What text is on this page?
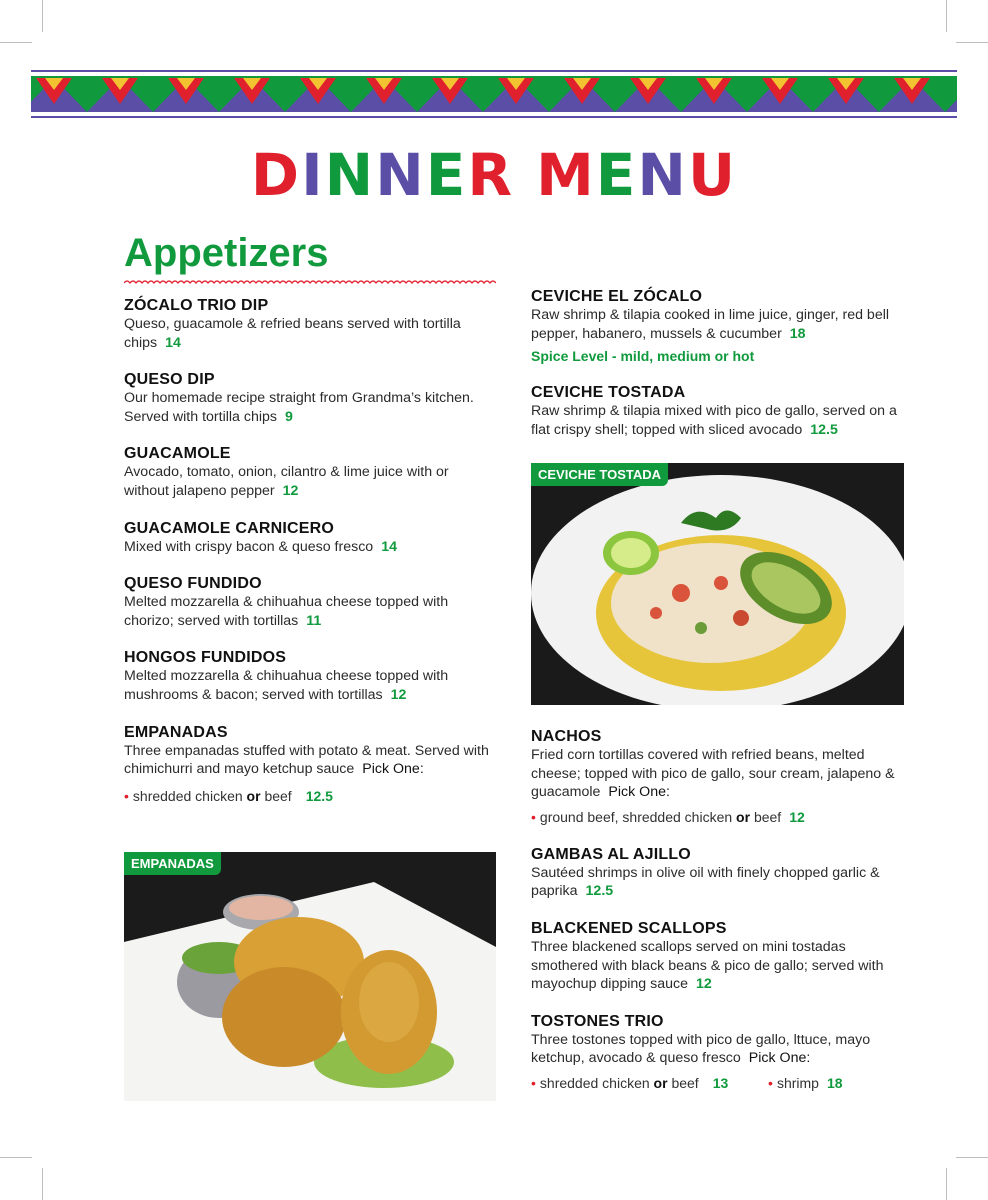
DINNER MENU
Appetizers
ZÓCALO TRIO DIP
Queso, guacamole & refried beans served with tortilla chips 14
QUESO DIP
Our homemade recipe straight from Grandma’s kitchen. Served with tortilla chips 9
GUACAMOLE
Avocado, tomato, onion, cilantro & lime juice with or without jalapeno pepper 12
GUACAMOLE CARNICERO
Mixed with crispy bacon & queso fresco 14
QUESO FUNDIDO
Melted mozzarella & chihuahua cheese topped with chorizo; served with tortillas 11
HONGOS FUNDIDOS
Melted mozzarella & chihuahua cheese topped with mushrooms & bacon; served with tortillas 12
EMPANADAS
Three empanadas stuffed with potato & meat. Served with chimichurri and mayo ketchup sauce Pick One:
• shredded chicken or beef 12.5
EMPANADAS
CEVICHE EL ZÓCALO
Raw shrimp & tilapia cooked in lime juice, ginger, red bell pepper, habanero, mussels & cucumber 18
Spice Level - mild, medium or hot
CEVICHE TOSTADA
Raw shrimp & tilapia mixed with pico de gallo, served on a flat crispy shell; topped with sliced avocado 12.5
CEVICHE TOSTADA
NACHOS
Fried corn tortillas covered with refried beans, melted cheese; topped with pico de gallo, sour cream, jalapeno & guacamole Pick One:
• ground beef, shredded chicken or beef 12
GAMBAS AL AJILLO
Sautéed shrimps in olive oil with finely chopped garlic & paprika 12.5
BLACKENED SCALLOPS
Three blackened scallops served on mini tostadas smothered with black beans & pico de gallo; served with mayochup dipping sauce 12
TOSTONES TRIO
Three tostones topped with pico de gallo, lttuce, mayo ketchup, avocado & queso fresco Pick One:
• shredded chicken or beef 13	• shrimp 18
